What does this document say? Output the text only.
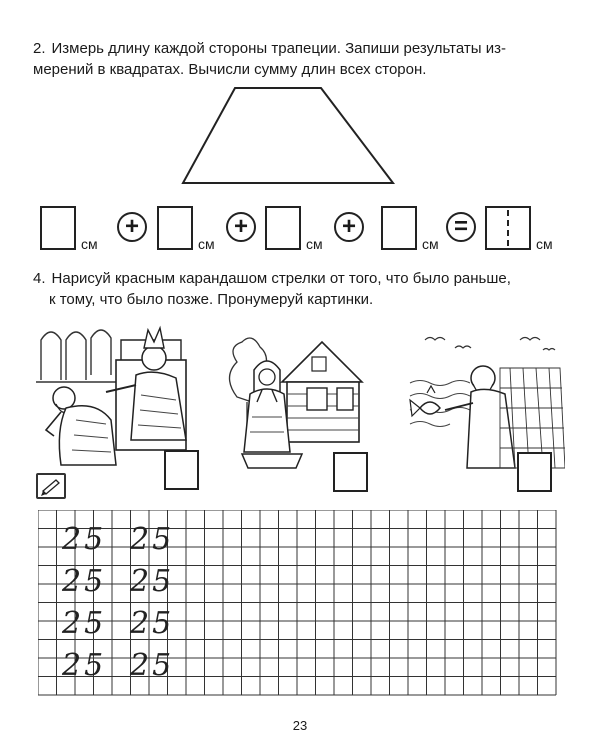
2. Измерь длину каждой стороны трапеции. Запиши результаты из-
мерений в квадратах. Вычисли сумму длин всех сторон.
см
+
см
+
см
+
см
=
см
4. Нарисуй красным карандашом стрелки от того, что было раньше,
к тому, что было позже. Пронумеруй картинки.
25 25
25 25
25 25
25 25
23
